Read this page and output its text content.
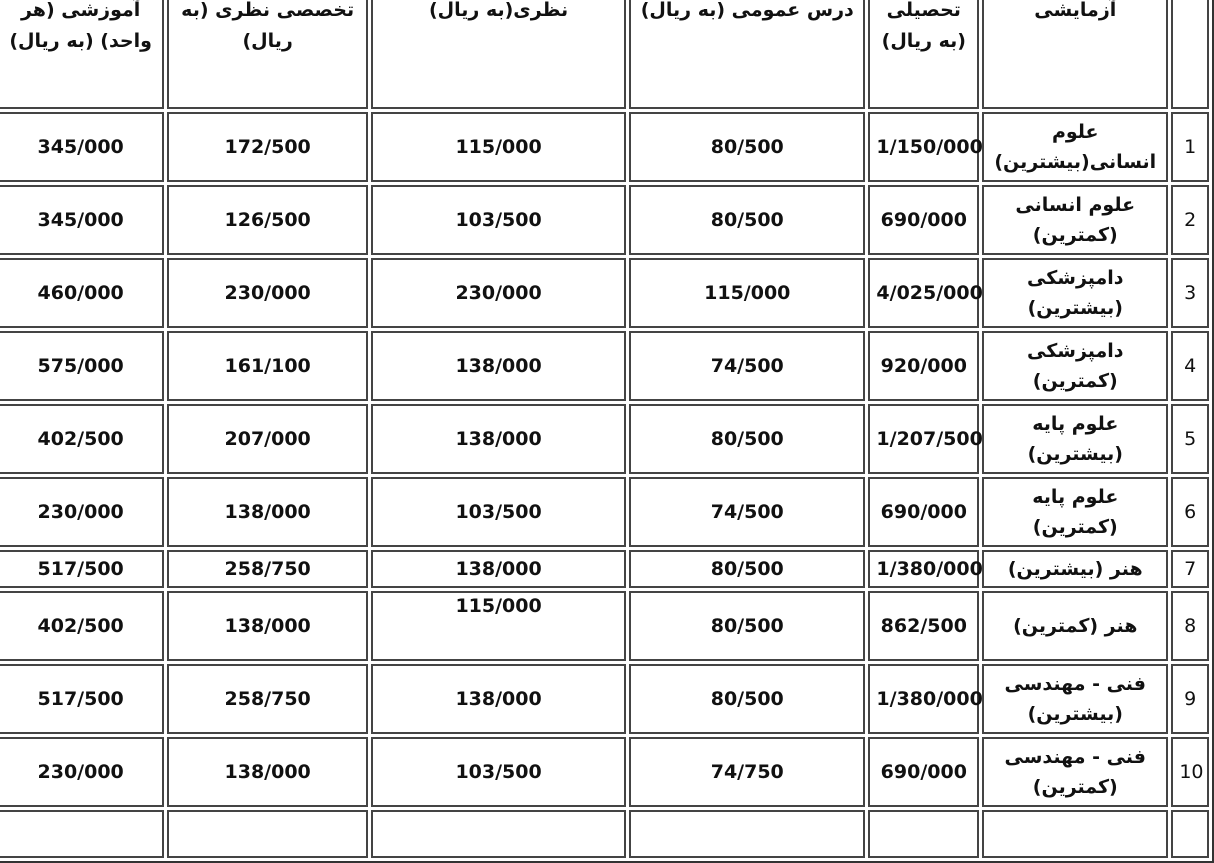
آموزشی (هر واحد) (به ریال)	تخصصی نظری (به ریال)	نظری(به ریال)	درس عمومی (به ریال)	تحصیلی (به ریال)	آزمایشی	
345/000	172/500	115/000	80/500	1/150/000	علوم انسانی(بیشترین)	1
345/000	126/500	103/500	80/500	690/000	علوم انسانی (کمترین)	2
460/000	230/000	230/000	115/000	4/025/000	دامپزشکی (بیشترین)	3
575/000	161/100	138/000	74/500	920/000	دامپزشکی (کمترین)	4
402/500	207/000	138/000	80/500	1/207/500	علوم پایه (بیشترین)	5
230/000	138/000	103/500	74/500	690/000	علوم پایه (کمترین)	6
517/500	258/750	138/000	80/500	1/380/000	هنر (بیشترین)	7
402/500	138/000	115/000	80/500	862/500	هنر (کمترین)	8
517/500	258/750	138/000	80/500	1/380/000	فنی - مهندسی (بیشترین)	9
230/000	138/000	103/500	74/750	690/000	فنی - مهندسی (کمترین)	10
